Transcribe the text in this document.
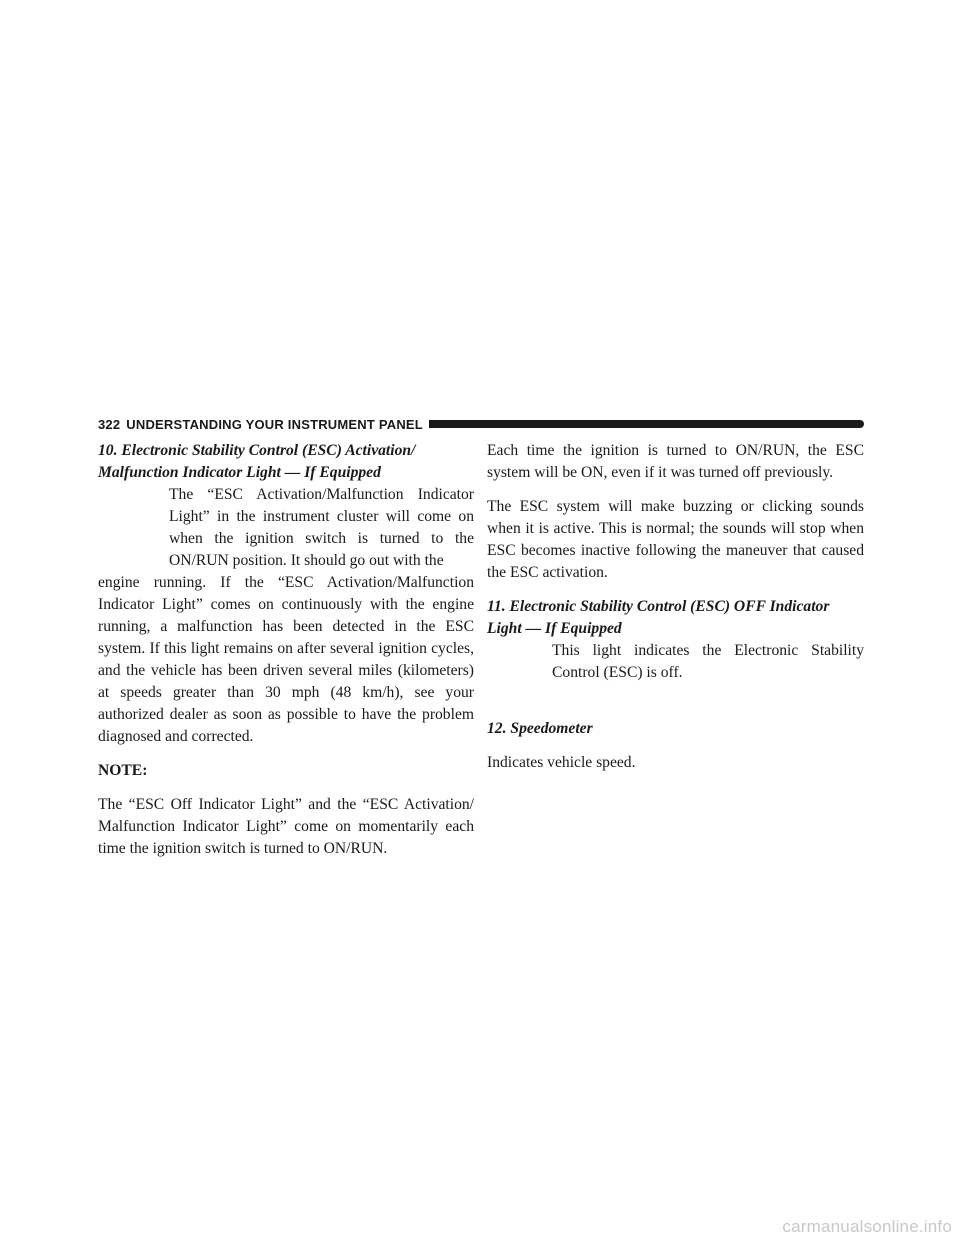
322 UNDERSTANDING YOUR INSTRUMENT PANEL
10. Electronic Stability Control (ESC) Activation/
Malfunction Indicator Light — If Equipped

The “ESC Activation/Malfunction Indicator Light” in the instrument cluster will come on when the ignition switch is turned to the ON/RUN position. It should go out with the

engine running. If the “ESC Activation/Malfunction Indicator Light” comes on continuously with the engine running, a malfunction has been detected in the ESC system. If this light remains on after several ignition cycles, and the vehicle has been driven several miles (kilometers) at speeds greater than 30 mph (48 km/h), see your authorized dealer as soon as possible to have the problem diagnosed and corrected.

NOTE:

The “ESC Off Indicator Light” and the “ESC Activation/ Malfunction Indicator Light” come on momentarily each time the ignition switch is turned to ON/RUN.

Each time the ignition is turned to ON/RUN, the ESC system will be ON, even if it was turned off previously.

The ESC system will make buzzing or clicking sounds when it is active. This is normal; the sounds will stop when ESC becomes inactive following the maneuver that caused the ESC activation.

11. Electronic Stability Control (ESC) OFF Indicator
Light — If Equipped

This light indicates the Electronic Stability Control (ESC) is off.

12. Speedometer

Indicates vehicle speed.

carmanualsonline.info
